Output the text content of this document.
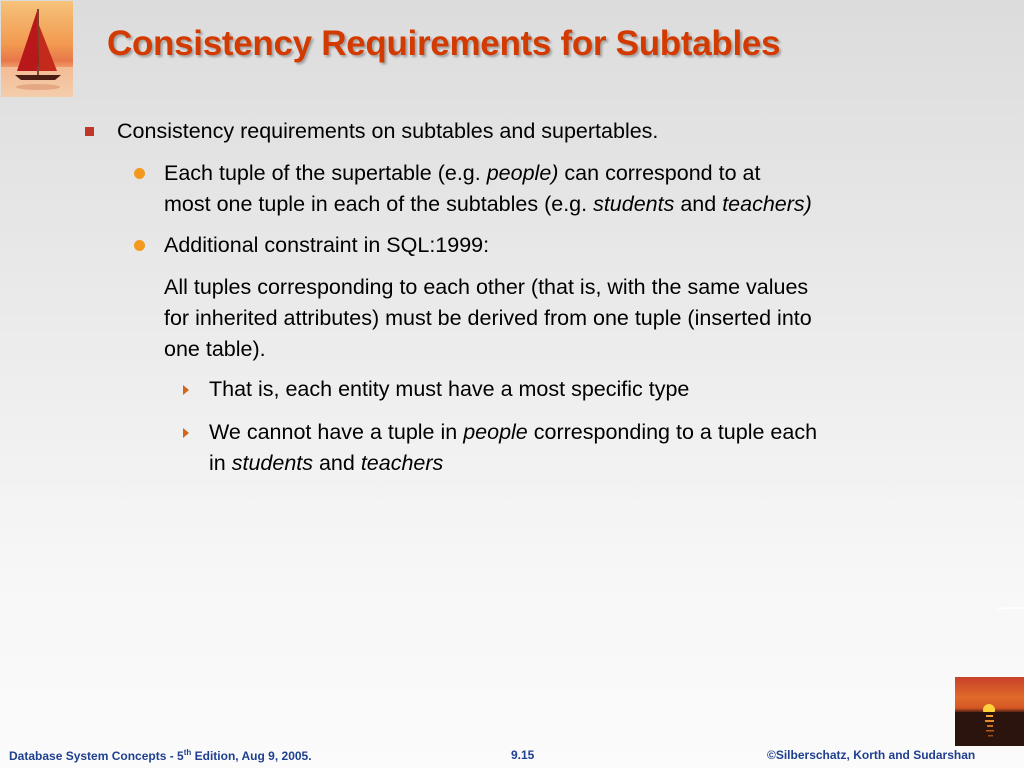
Consistency Requirements for Subtables
Consistency requirements on subtables and supertables.
Each tuple of the supertable (e.g. people) can correspond to at
most one tuple in each of the subtables (e.g. students and teachers)
Additional constraint in SQL:1999:
All tuples corresponding to each other (that is, with the same values
for inherited attributes) must be derived from one tuple (inserted into
one table).
That is, each entity must have a most specific type
We cannot have a tuple in people corresponding to a tuple each
in students and teachers
Database System Concepts - 5th Edition, Aug 9, 2005.	9.15	©Silberschatz, Korth and Sudarshan
